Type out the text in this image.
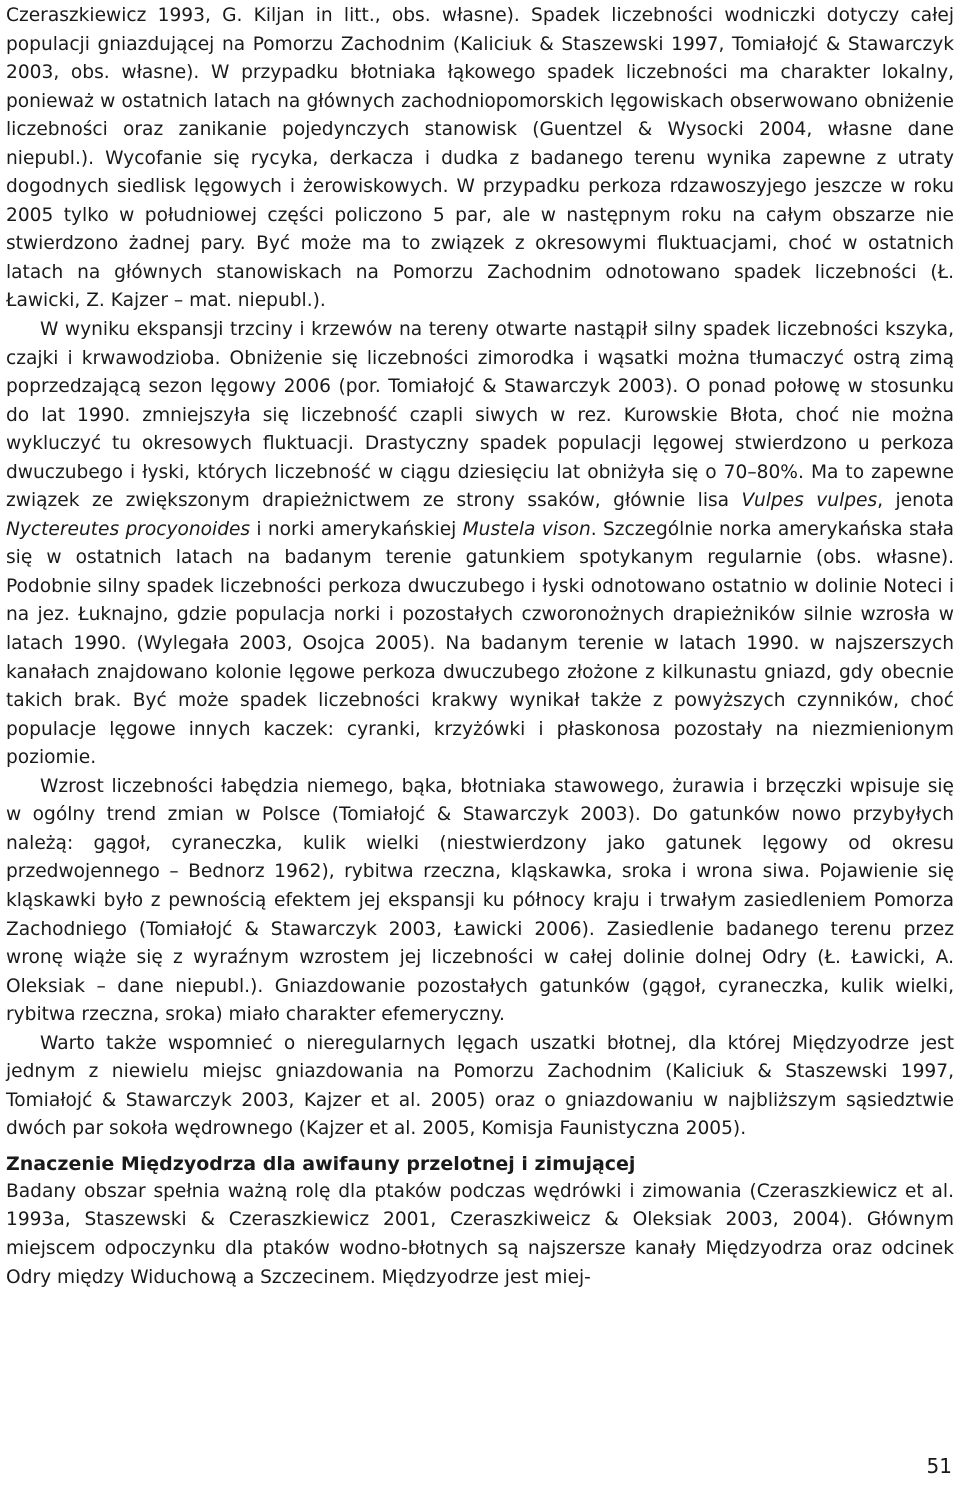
Czeraszkiewicz 1993, G. Kiljan in litt., obs. własne). Spadek liczebności wodniczki dotyczy całej populacji gniazdującej na Pomorzu Zachodnim (Kaliciuk & Staszewski 1997, Tomiałojć & Stawarczyk 2003, obs. własne). W przypadku błotniaka łąkowego spadek liczebności ma charakter lokalny, ponieważ w ostatnich latach na głównych zachodniopomorskich lęgowiskach obserwowano obniżenie liczebności oraz zanikanie pojedynczych stanowisk (Guentzel & Wysocki 2004, własne dane niepubl.). Wycofanie się rycyka, derkacza i dudka z badanego terenu wynika zapewne z utraty dogodnych siedlisk lęgowych i żerowiskowych. W przypadku perkoza rdzawoszyjego jeszcze w roku 2005 tylko w południowej części policzono 5 par, ale w następnym roku na całym obszarze nie stwierdzono żadnej pary. Być może ma to związek z okresowymi fluktuacjami, choć w ostatnich latach na głównych stanowiskach na Pomorzu Zachodnim odnotowano spadek liczebności (Ł. Ławicki, Z. Kajzer – mat. niepubl.).

W wyniku ekspansji trzciny i krzewów na tereny otwarte nastąpił silny spadek liczebności kszyka, czajki i krwawodzioba. Obniżenie się liczebności zimorodka i wąsatki można tłumaczyć ostrą zimą poprzedzającą sezon lęgowy 2006 (por. Tomiałojć & Stawarczyk 2003). O ponad połowę w stosunku do lat 1990. zmniejszyła się liczebność czapli siwych w rez. Kurowskie Błota, choć nie można wykluczyć tu okresowych fluktuacji. Drastyczny spadek populacji lęgowej stwierdzono u perkoza dwuczubego i łyski, których liczebność w ciągu dziesięciu lat obniżyła się o 70–80%. Ma to zapewne związek ze zwiększonym drapieżnictwem ze strony ssaków, głównie lisa Vulpes vulpes, jenota Nyctereutes procyonoides i norki amerykańskiej Mustela vison. Szczególnie norka amerykańska stała się w ostatnich latach na badanym terenie gatunkiem spotykanym regularnie (obs. własne). Podobnie silny spadek liczebności perkoza dwuczubego i łyski odnotowano ostatnio w dolinie Noteci i na jez. Łuknajno, gdzie populacja norki i pozostałych czworonożnych drapieżników silnie wzrosła w latach 1990. (Wylegała 2003, Osojca 2005). Na badanym terenie w latach 1990. w najszerszych kanałach znajdowano kolonie lęgowe perkoza dwuczubego złożone z kilkunastu gniazd, gdy obecnie takich brak. Być może spadek liczebności krakwy wynikał także z powyższych czynników, choć populacje lęgowe innych kaczek: cyranki, krzyżówki i płaskonosa pozostały na niezmienionym poziomie.

Wzrost liczebności łabędzia niemego, bąka, błotniaka stawowego, żurawia i brzęczki wpisuje się w ogólny trend zmian w Polsce (Tomiałojć & Stawarczyk 2003). Do gatunków nowo przybyłych należą: gągoł, cyraneczka, kulik wielki (niestwierdzony jako gatunek lęgowy od okresu przedwojennego – Bednorz 1962), rybitwa rzeczna, kląskawka, sroka i wrona siwa. Pojawienie się kląskawki było z pewnością efektem jej ekspansji ku północy kraju i trwałym zasiedleniem Pomorza Zachodniego (Tomiałojć & Stawarczyk 2003, Ławicki 2006). Zasiedlenie badanego terenu przez wronę wiąże się z wyraźnym wzrostem jej liczebności w całej dolinie dolnej Odry (Ł. Ławicki, A. Oleksiak – dane niepubl.). Gniazdowanie pozostałych gatunków (gągoł, cyraneczka, kulik wielki, rybitwa rzeczna, sroka) miało charakter efemeryczny.

Warto także wspomnieć o nieregularnych lęgach uszatki błotnej, dla której Międzyodrze jest jednym z niewielu miejsc gniazdowania na Pomorzu Zachodnim (Kaliciuk & Staszewski 1997, Tomiałojć & Stawarczyk 2003, Kajzer et al. 2005) oraz o gniazdowaniu w najbliższym sąsiedztwie dwóch par sokoła wędrownego (Kajzer et al. 2005, Komisja Faunistyczna 2005).

Znaczenie Międzyodrza dla awifauny przelotnej i zimującej

Badany obszar spełnia ważną rolę dla ptaków podczas wędrówki i zimowania (Czeraszkiewicz et al. 1993a, Staszewski & Czeraszkiewicz 2001, Czeraszkiweicz & Oleksiak 2003, 2004). Głównym miejscem odpoczynku dla ptaków wodno-błotnych są najszersze kanały Międzyodrza oraz odcinek Odry między Widuchową a Szczecinem. Międzyodrze jest miej-

51
